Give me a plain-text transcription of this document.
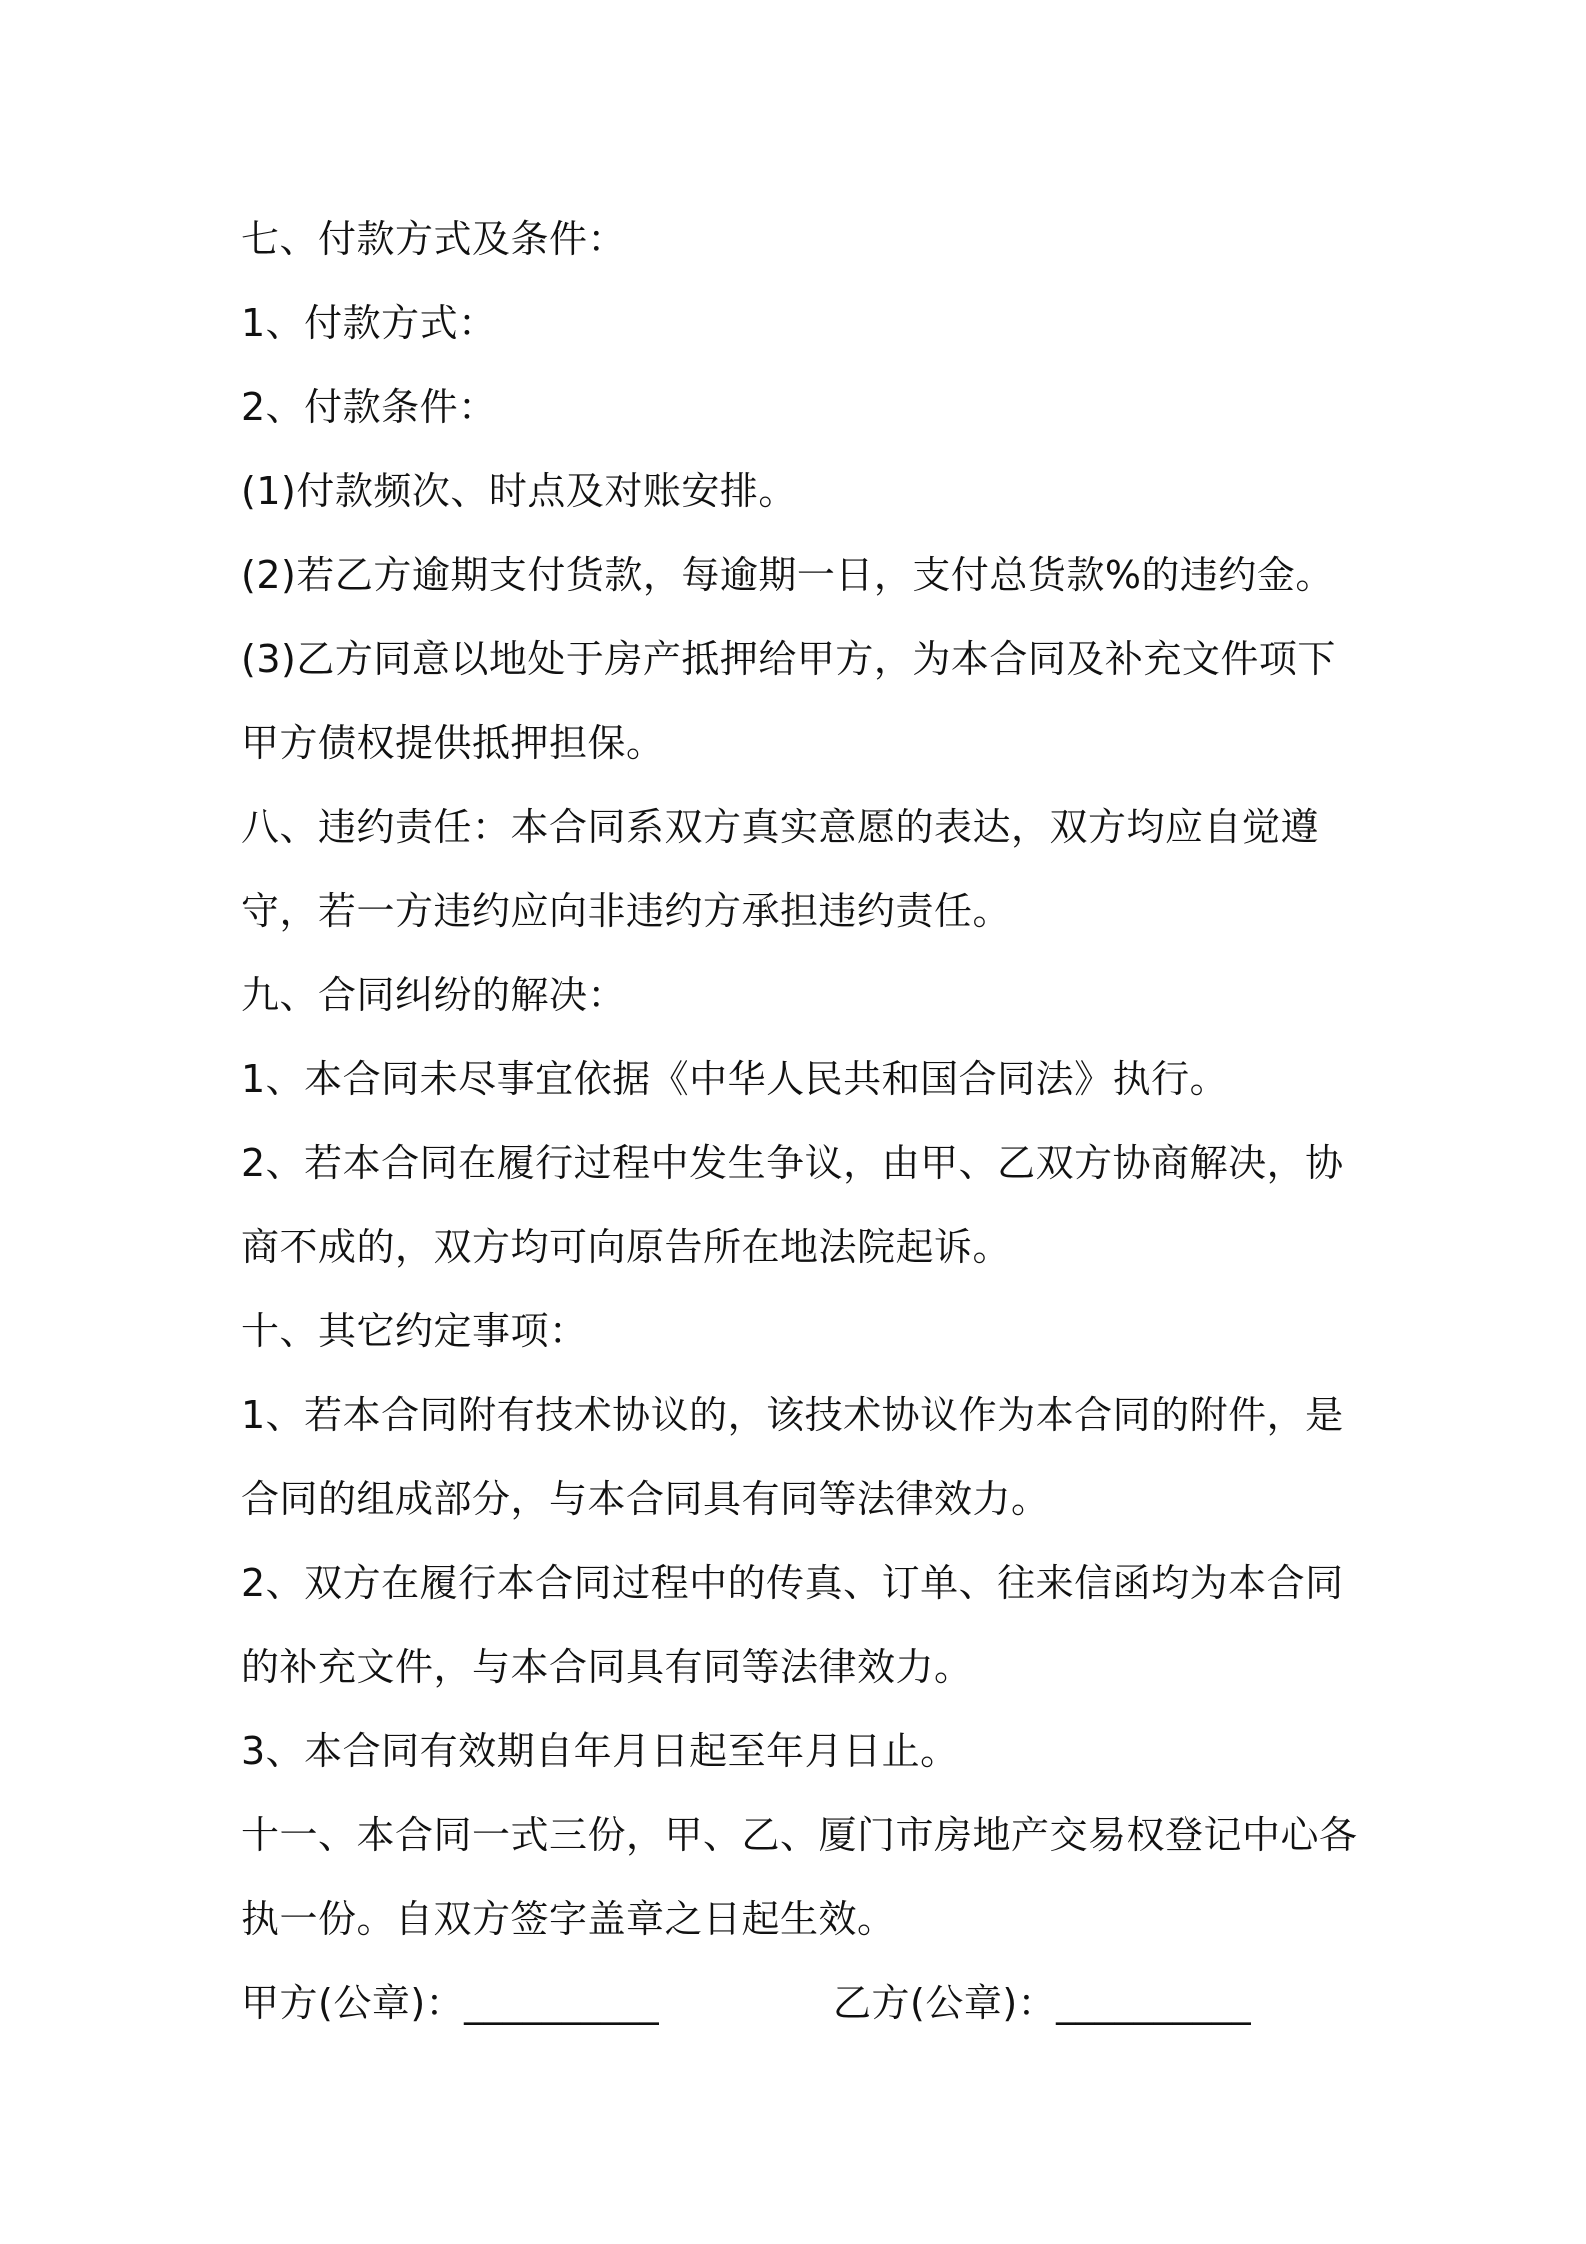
七、付款方式及条件：

1、付款方式：

2、付款条件：

(1)付款频次、时点及对账安排。

(2)若乙方逾期支付货款，每逾期一日，支付总货款%的违约金。

(3)乙方同意以地处于房产抵押给甲方，为本合同及补充文件项下甲方债权提供抵押担保。

八、违约责任：本合同系双方真实意愿的表达，双方均应自觉遵守，若一方违约应向非违约方承担违约责任。

九、合同纠纷的解决：

1、本合同未尽事宜依据《中华人民共和国合同法》执行。

2、若本合同在履行过程中发生争议，由甲、乙双方协商解决，协商不成的，双方均可向原告所在地法院起诉。

十、其它约定事项：

1、若本合同附有技术协议的，该技术协议作为本合同的附件，是合同的组成部分，与本合同具有同等法律效力。

2、双方在履行本合同过程中的传真、订单、往来信函均为本合同的补充文件，与本合同具有同等法律效力。

3、本合同有效期自年月日起至年月日止。

十一、本合同一式三份，甲、乙、厦门市房地产交易权登记中心各执一份。自双方签字盖章之日起生效。

甲方(公章)： __________	乙方(公章)： __________
